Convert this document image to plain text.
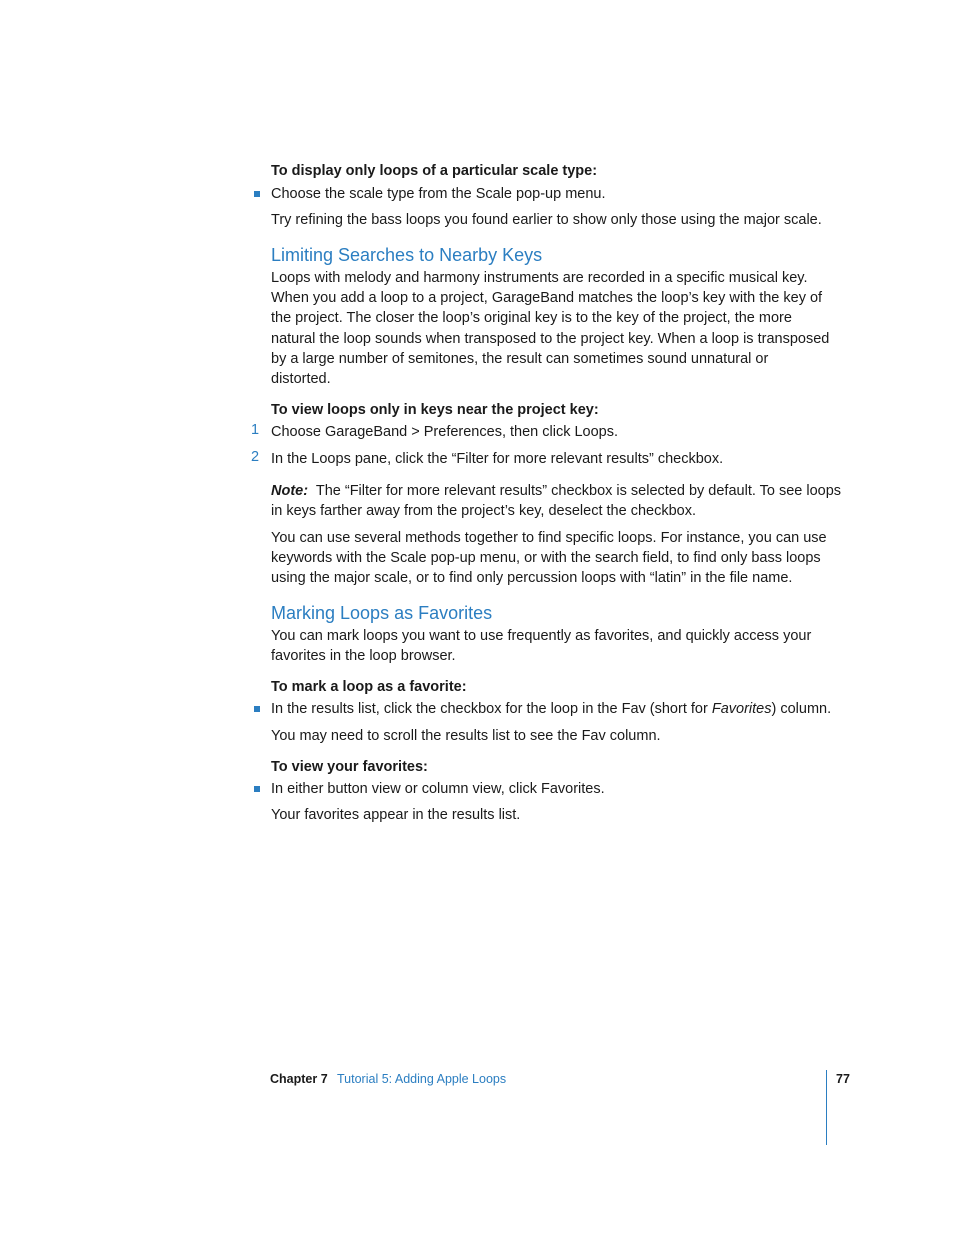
To display only loops of a particular scale type:
Choose the scale type from the Scale pop-up menu.
Try refining the bass loops you found earlier to show only those using the major scale.
Limiting Searches to Nearby Keys
Loops with melody and harmony instruments are recorded in a specific musical key.
When you add a loop to a project, GarageBand matches the loop’s key with the key of
the project. The closer the loop’s original key is to the key of the project, the more
natural the loop sounds when transposed to the project key. When a loop is transposed
by a large number of semitones, the result can sometimes sound unnatural or
distorted.
To view loops only in keys near the project key:
1 Choose GarageBand > Preferences, then click Loops.
2 In the Loops pane, click the “Filter for more relevant results” checkbox.
Note: The “Filter for more relevant results” checkbox is selected by default. To see loops
in keys farther away from the project’s key, deselect the checkbox.
You can use several methods together to find specific loops. For instance, you can use
keywords with the Scale pop-up menu, or with the search field, to find only bass loops
using the major scale, or to find only percussion loops with “latin” in the file name.
Marking Loops as Favorites
You can mark loops you want to use frequently as favorites, and quickly access your
favorites in the loop browser.
To mark a loop as a favorite:
In the results list, click the checkbox for the loop in the Fav (short for Favorites) column.
You may need to scroll the results list to see the Fav column.
To view your favorites:
In either button view or column view, click Favorites.
Your favorites appear in the results list.
Chapter 7 Tutorial 5: Adding Apple Loops	77
